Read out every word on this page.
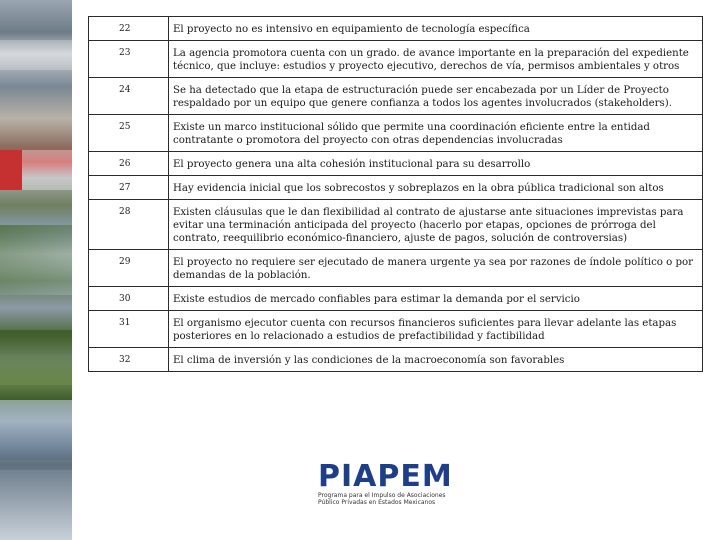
22	El proyecto no es intensivo en equipamiento de tecnología específica
23	La agencia promotora cuenta con un grado. de avance importante en la preparación del expediente técnico, que incluye: estudios y proyecto ejecutivo, derechos de vía, permisos ambientales y otros
24	Se ha detectado que la etapa de estructuración puede ser encabezada por un Líder de Proyecto respaldado por un equipo que genere confianza a todos los agentes involucrados (stakeholders).
25	Existe un marco institucional sólido que permite una coordinación eficiente entre la entidad contratante o promotora del proyecto con otras dependencias involucradas
26	El proyecto genera una alta cohesión institucional para su desarrollo
27	Hay evidencia inicial que los sobrecostos y sobreplazos en la obra pública tradicional son altos
28	Existen cláusulas que le dan flexibilidad al contrato de ajustarse ante situaciones imprevistas para evitar una terminación anticipada del proyecto (hacerlo por etapas, opciones de prórroga del contrato, reequilibrio económico-financiero, ajuste de pagos, solución de controversias)
29	El proyecto no requiere ser ejecutado de manera urgente ya sea por razones de índole político o por demandas de la población.
30	Existe estudios de mercado confiables para estimar la demanda por el servicio
31	El organismo ejecutor cuenta con recursos financieros suficientes para llevar adelante las etapas posteriores en lo relacionado a estudios de prefactibilidad y factibilidad
32	El clima de inversión y las condiciones de la macroeconomía son favorables
PIAPEM
Programa para el Impulso de Asociaciones
Público Privadas en Estados Mexicanos
